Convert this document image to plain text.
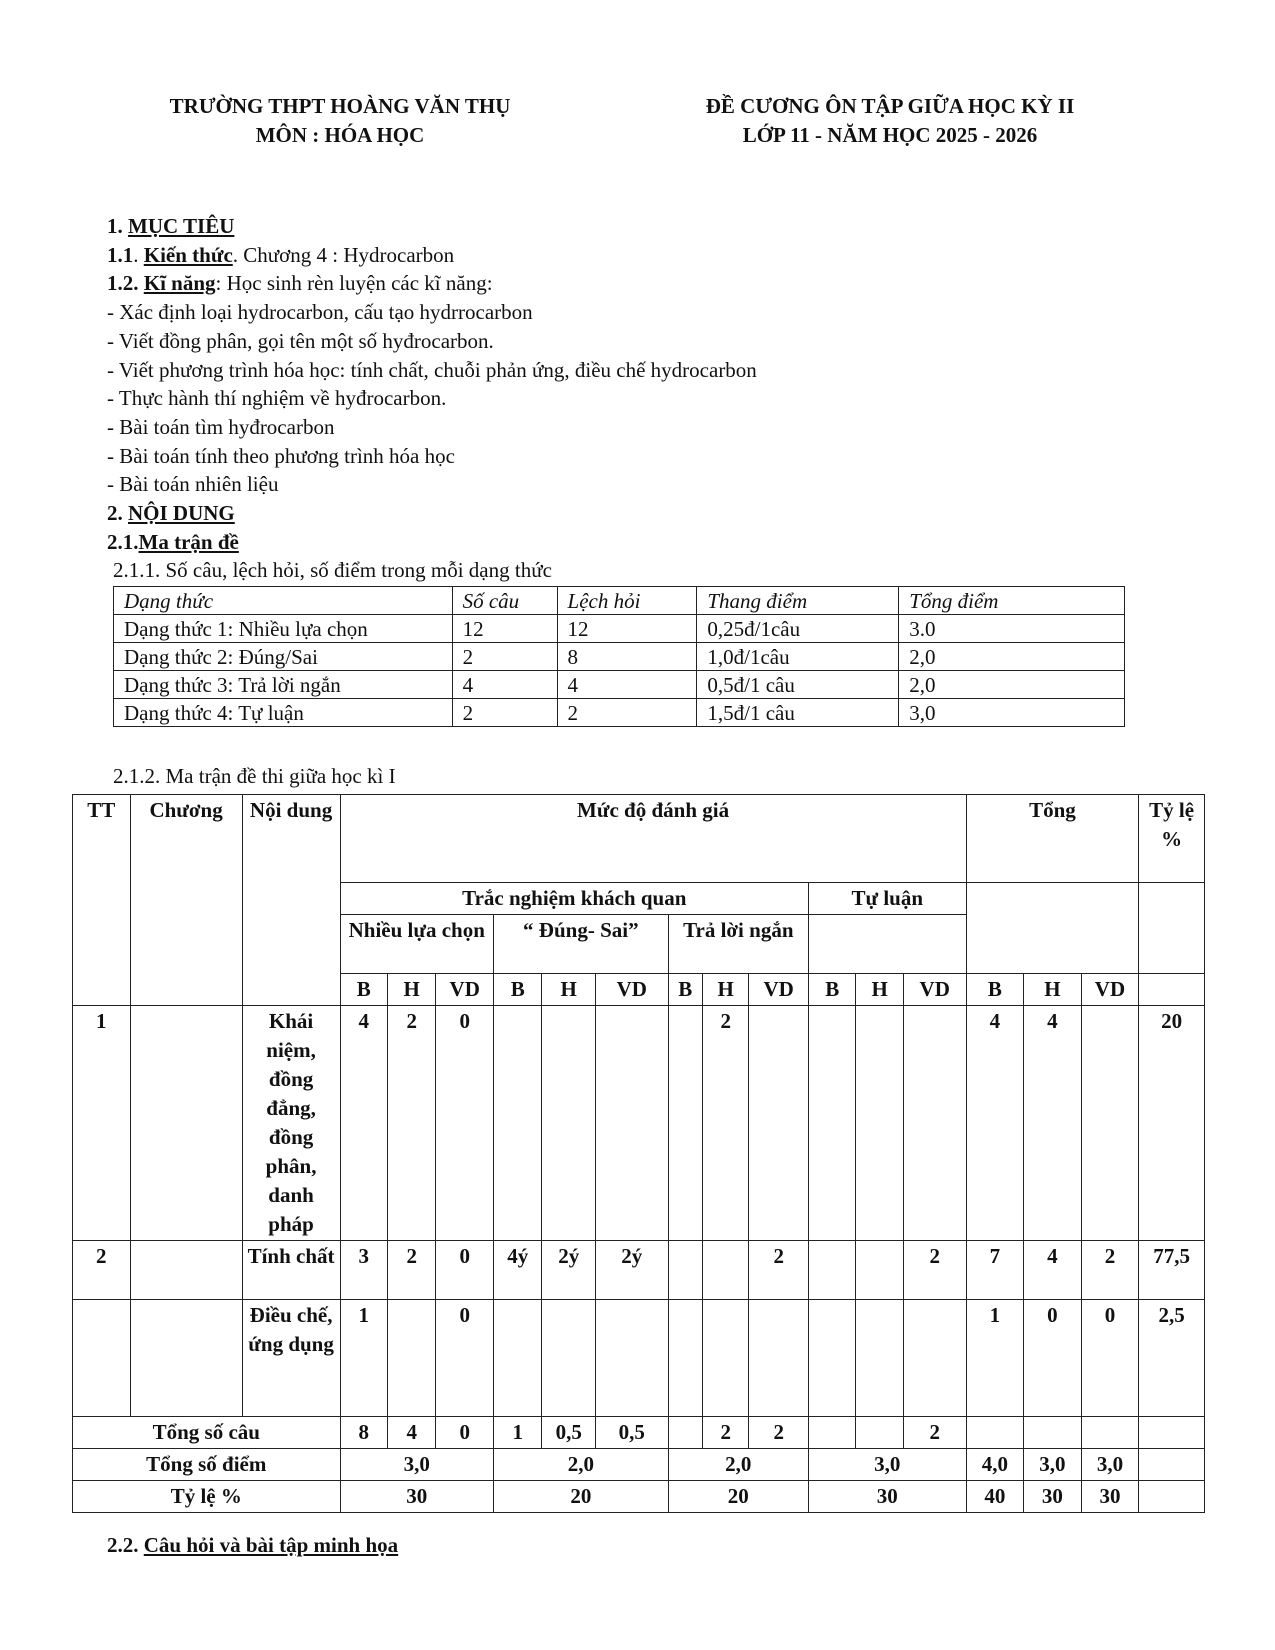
TRƯỜNG THPT HOÀNG VĂN THỤ
MÔN : HÓA HỌC
ĐỀ CƯƠNG ÔN TẬP GIỮA HỌC KỲ II
LỚP 11 - NĂM HỌC 2025 - 2026
1. MỤC TIÊU
1.1. Kiến thức. Chương 4 : Hydrocarbon
1.2. Kĩ năng: Học sinh rèn luyện các kĩ năng:
- Xác định loại hydrocarbon, cấu tạo hydrrocarbon
- Viết đồng phân, gọi tên một số hyđrocarbon.
- Viết phương trình hóa học: tính chất, chuỗi phản ứng, điều chế hydrocarbon
- Thực hành thí nghiệm về hyđrocarbon.
- Bài toán tìm hyđrocarbon
- Bài toán tính theo phương trình hóa học
- Bài toán nhiên liệu
2. NỘI DUNG
2.1.Ma trận đề
2.1.1. Số câu, lệch hỏi, số điểm trong mỗi dạng thức
Dạng thức	Số câu	Lệch hỏi	Thang điểm	Tổng điểm
Dạng thức 1: Nhiều lựa chọn	12	12	0,25đ/1câu	3.0
Dạng thức 2: Đúng/Sai	2	8	1,0đ/1câu	2,0
Dạng thức 3: Trả lời ngắn	4	4	0,5đ/1 câu	2,0
Dạng thức 4: Tự luận	2	2	1,5đ/1 câu	3,0
2.1.2. Ma trận đề thi giữa học kì I
TT	Chương	Nội dung	Mức độ đánh giá												Tổng			Tỷ lệ %
			Trắc nghiệm khách quan									Tự luận						
			Nhiều lựa chọn			“ Đúng- Sai”			Trả lời ngắn									
			B	H	VD	B	H	VD	B	H	VD	B	H	VD	B	H	VD	
1		Khái niệm, đồng đẳng, đồng phân, danh pháp	4	2	0					2					4	4		20
2		Tính chất	3	2	0	4ý	2ý	2ý			2			2	7	4	2	77,5
		Điều chế, ứng dụng	1		0										1	0	0	2,5
Tổng số câu			8	4	0	1	0,5	0,5		2	2			2				
Tổng số điểm			3,0			2,0			2,0			3,0			4,0	3,0	3,0	
Tỷ lệ %			30			20			20			30			40	30	30	
2.2. Câu hỏi và bài tập minh họa
